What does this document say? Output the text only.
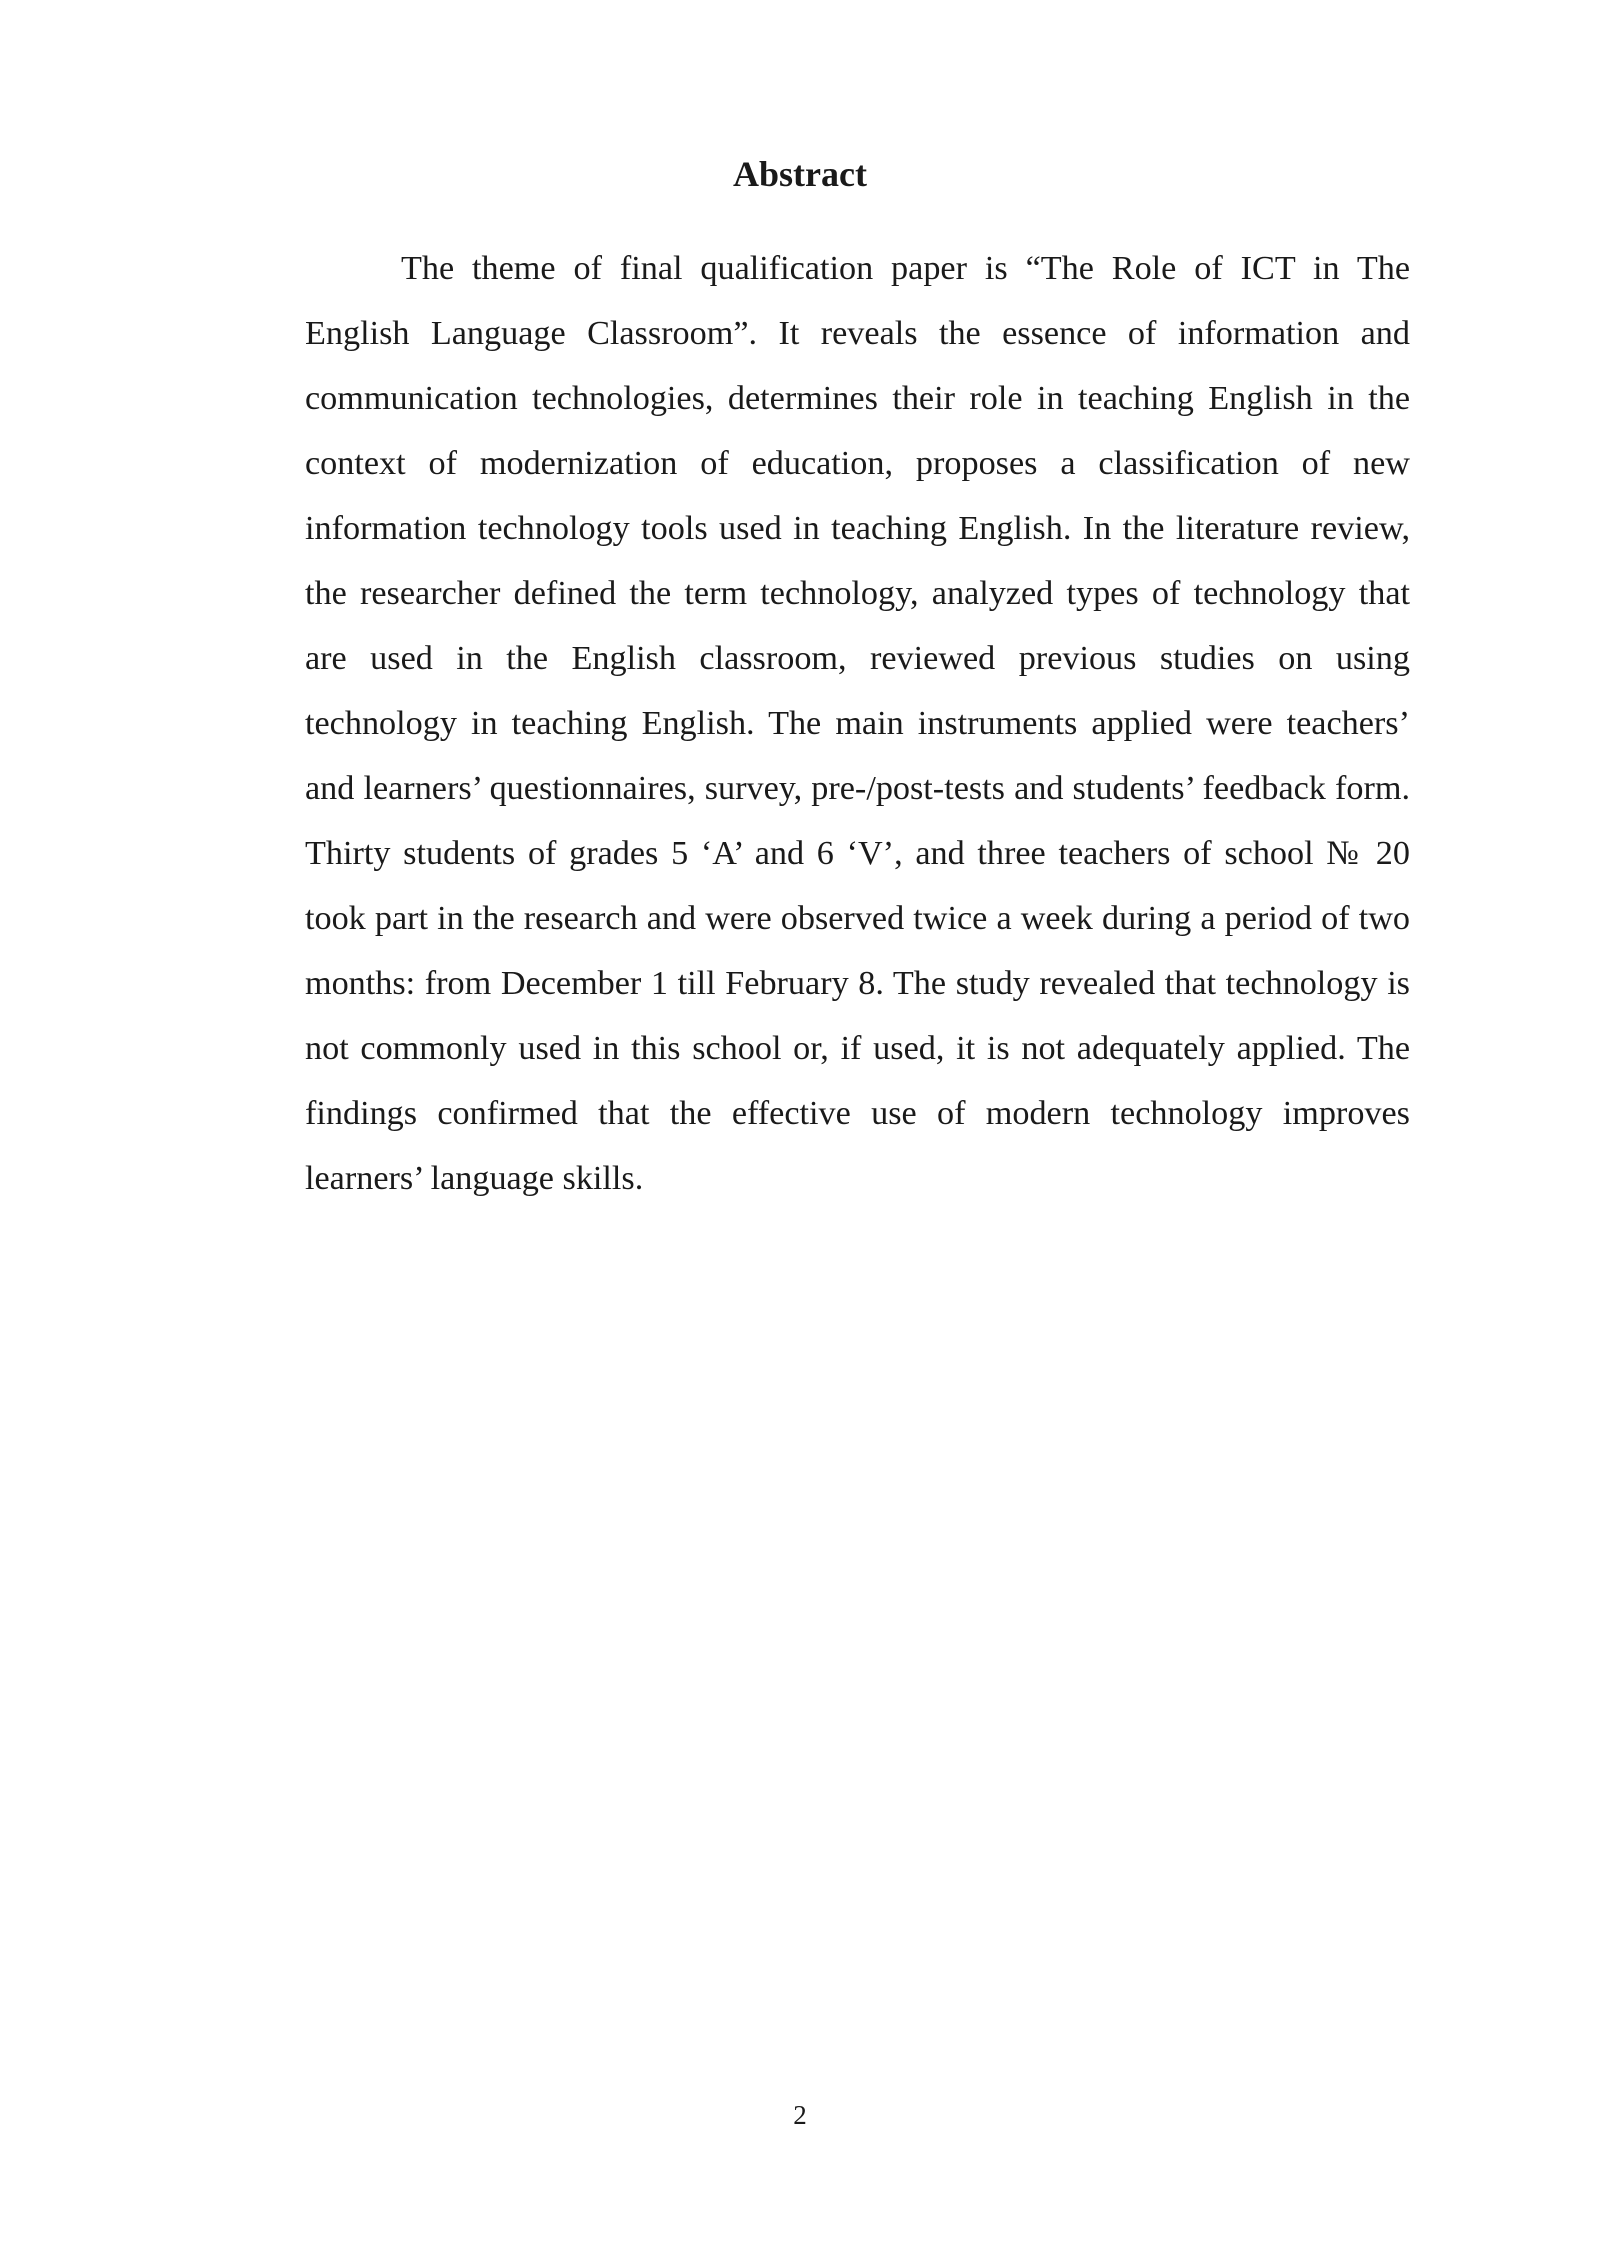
Abstract

The theme of final qualification paper is “The Role of ICT in The English Language Classroom”. It reveals the essence of information and communication technologies, determines their role in teaching English in the context of modernization of education, proposes a classification of new information technology tools used in teaching English. In the literature review, the researcher defined the term technology, analyzed types of technology that are used in the English classroom, reviewed previous studies on using technology in teaching English. The main instruments applied were teachers’ and learners’ questionnaires, survey, pre-/post-tests and students’ feedback form. Thirty students of grades 5 ‘A’ and 6 ‘V’, and three teachers of school № 20 took part in the research and were observed twice a week during a period of two months: from December 1 till February 8. The study revealed that technology is not commonly used in this school or, if used, it is not adequately applied. The findings confirmed that the effective use of modern technology improves learners’ language skills.

2
